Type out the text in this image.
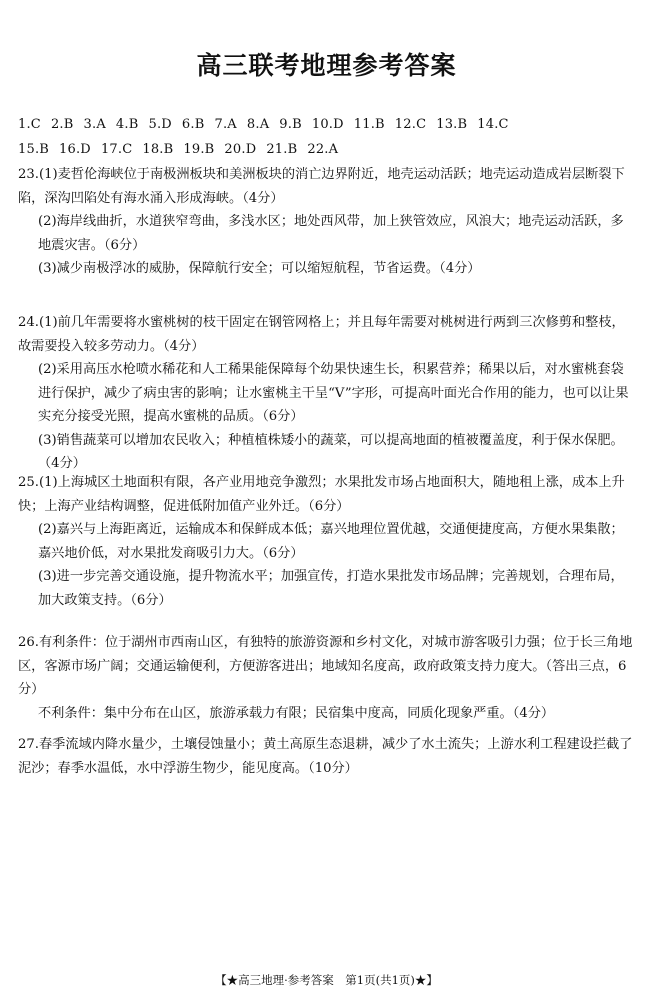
高三联考地理参考答案
1.C 2.B 3.A 4.B 5.D 6.B 7.A 8.A 9.B 10.D 11.B 12.C 13.B 14.C
15.B 16.D 17.C 18.B 19.B 20.D 21.B 22.A
23.(1)麦哲伦海峡位于南极洲板块和美洲板块的消亡边界附近，地壳运动活跃；地壳运动造成岩层断裂下陷，深沟凹陷处有海水涌入形成海峡。（4分）
(2)海岸线曲折，水道狭窄弯曲，多浅水区；地处西风带，加上狭管效应，风浪大；地壳运动活跃，多地震灾害。（6分）
(3)减少南极浮冰的威胁，保障航行安全；可以缩短航程，节省运费。（4分）
24.(1)前几年需要将水蜜桃树的枝干固定在钢管网格上；并且每年需要对桃树进行两到三次修剪和整枝，故需要投入较多劳动力。（4分）
(2)采用高压水枪喷水稀花和人工稀果能保障每个幼果快速生长，积累营养；稀果以后，对水蜜桃套袋进行保护，减少了病虫害的影响；让水蜜桃主干呈“V”字形，可提高叶面光合作用的能力，也可以让果实充分接受光照，提高水蜜桃的品质。（6分）
(3)销售蔬菜可以增加农民收入；种植植株矮小的蔬菜，可以提高地面的植被覆盖度，利于保水保肥。（4分）
25.(1)上海城区土地面积有限，各产业用地竞争激烈；水果批发市场占地面积大，随地租上涨，成本上升快；上海产业结构调整，促进低附加值产业外迁。（6分）
(2)嘉兴与上海距离近，运输成本和保鲜成本低；嘉兴地理位置优越，交通便捷度高，方便水果集散；嘉兴地价低，对水果批发商吸引力大。（6分）
(3)进一步完善交通设施，提升物流水平；加强宣传，打造水果批发市场品牌；完善规划，合理布局，加大政策支持。（6分）
26.有利条件：位于湖州市西南山区，有独特的旅游资源和乡村文化，对城市游客吸引力强；位于长三角地区，客源市场广阔；交通运输便利，方便游客进出；地域知名度高，政府政策支持力度大。（答出三点，6分）
不利条件：集中分布在山区，旅游承载力有限；民宿集中度高，同质化现象严重。（4分）
27.春季流域内降水量少，土壤侵蚀量小；黄土高原生态退耕，减少了水土流失；上游水利工程建设拦截了泥沙；春季水温低，水中浮游生物少，能见度高。（10分）
【★高三地理·参考答案　第1页(共1页)★】
